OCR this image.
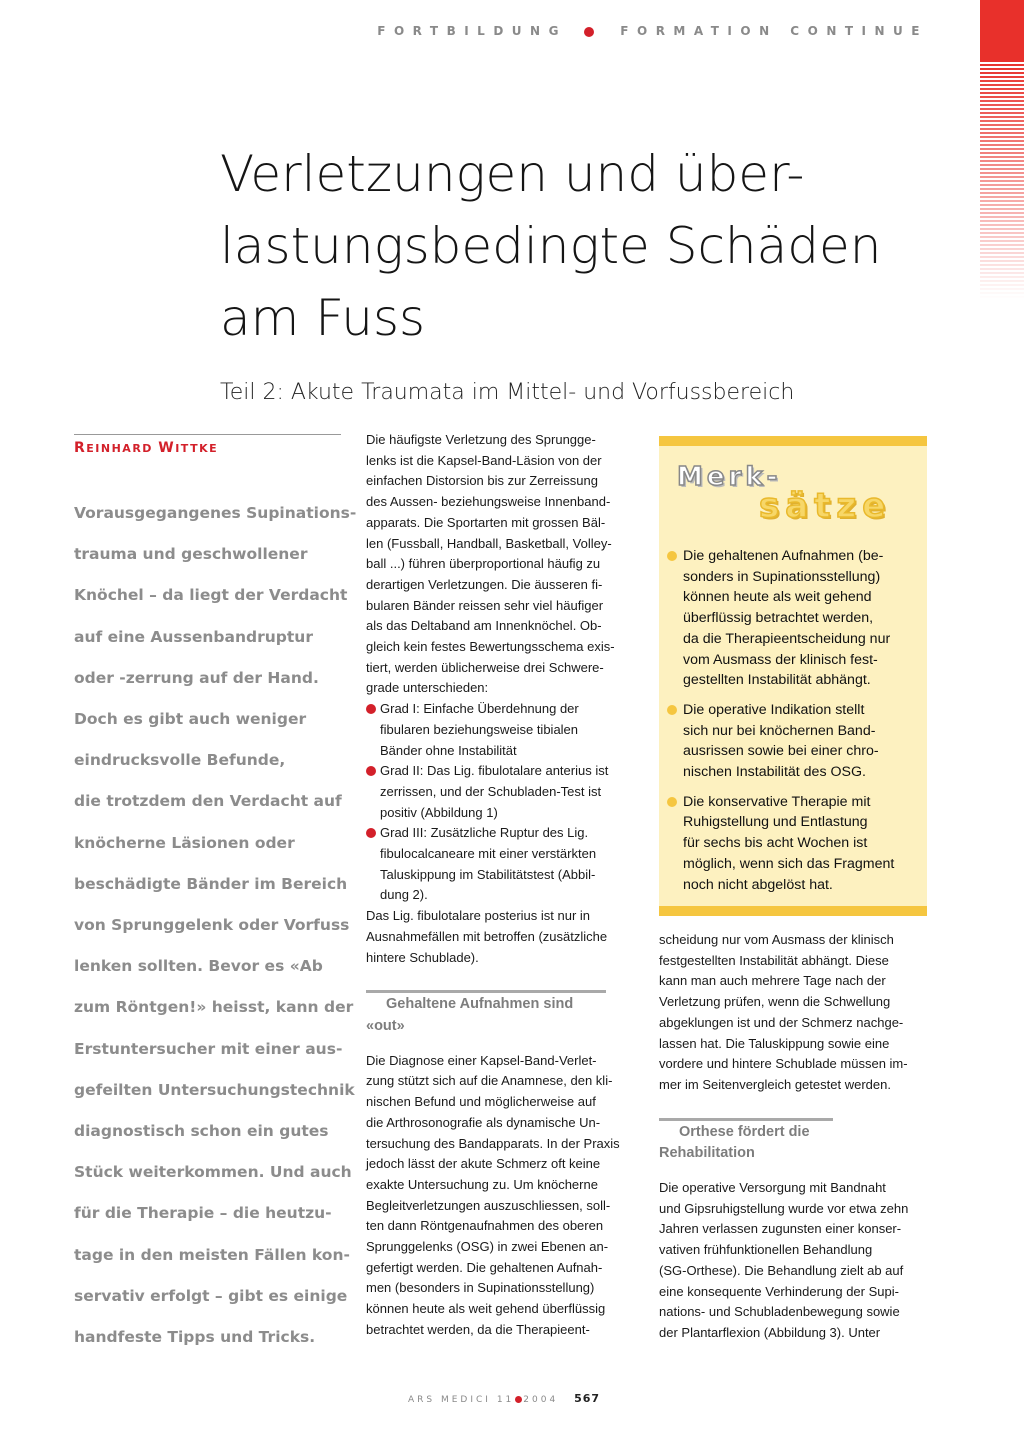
FORTBILDUNG	FORMATION CONTINUE
Verletzungen und über-
lastungsbedingte Schäden
am Fuss
Teil 2: Akute Traumata im Mittel- und Vorfussbereich
REINHARD WITTKE
Vorausgegangenes Supinations-
trauma und geschwollener
Knöchel – da liegt der Verdacht
auf eine Aussenbandruptur
oder -zerrung auf der Hand.
Doch es gibt auch weniger
eindrucksvolle Befunde,
die trotzdem den Verdacht auf
knöcherne Läsionen oder
beschädigte Bänder im Bereich
von Sprunggelenk oder Vorfuss
lenken sollten. Bevor es «Ab
zum Röntgen!» heisst, kann der
Erstuntersucher mit einer aus-
gefeilten Untersuchungstechnik
diagnostisch schon ein gutes
Stück weiterkommen. Und auch
für die Therapie – die heutzu-
tage in den meisten Fällen kon-
servativ erfolgt – gibt es einige
handfeste Tipps und Tricks.
Die häufigste Verletzung des Sprungge-
lenks ist die Kapsel-Band-Läsion von der
einfachen Distorsion bis zur Zerreissung
des Aussen- beziehungsweise Innenband-
apparats. Die Sportarten mit grossen Bäl-
len (Fussball, Handball, Basketball, Volley-
ball ...) führen überproportional häufig zu
derartigen Verletzungen. Die äusseren fi-
bularen Bänder reissen sehr viel häufiger
als das Deltaband am Innenknöchel. Ob-
gleich kein festes Bewertungsschema exis-
tiert, werden üblicherweise drei Schwere-
grade unterschieden:
Grad I: Einfache Überdehnung der
fibularen beziehungsweise tibialen
Bänder ohne Instabilität
Grad II: Das Lig. fibulotalare anterius ist
zerrissen, und der Schubladen-Test ist
positiv (Abbildung 1)
Grad III: Zusätzliche Ruptur des Lig.
fibulocalcaneare mit einer verstärkten
Taluskippung im Stabilitätstest (Abbil-
dung 2).
Das Lig. fibulotalare posterius ist nur in
Ausnahmefällen mit betroffen (zusätzliche
hintere Schublade).
Gehaltene Aufnahmen sind
«out»
Die Diagnose einer Kapsel-Band-Verlet-
zung stützt sich auf die Anamnese, den kli-
nischen Befund und möglicherweise auf
die Arthrosonografie als dynamische Un-
tersuchung des Bandapparats. In der Praxis
jedoch lässt der akute Schmerz oft keine
exakte Untersuchung zu. Um knöcherne
Begleitverletzungen auszuschliessen, soll-
ten dann Röntgenaufnahmen des oberen
Sprunggelenks (OSG) in zwei Ebenen an-
gefertigt werden. Die gehaltenen Aufnah-
men (besonders in Supinationsstellung)
können heute als weit gehend überflüssig
betrachtet werden, da die Therapieent-
Merk-
sätze
Die gehaltenen Aufnahmen (be-
sonders in Supinationsstellung)
können heute als weit gehend
überflüssig betrachtet werden,
da die Therapieentscheidung nur
vom Ausmass der klinisch fest-
gestellten Instabilität abhängt.
Die operative Indikation stellt
sich nur bei knöchernen Band-
ausrissen sowie bei einer chro-
nischen Instabilität des OSG.
Die konservative Therapie mit
Ruhigstellung und Entlastung
für sechs bis acht Wochen ist
möglich, wenn sich das Fragment
noch nicht abgelöst hat.
scheidung nur vom Ausmass der klinisch
festgestellten Instabilität abhängt. Diese
kann man auch mehrere Tage nach der
Verletzung prüfen, wenn die Schwellung
abgeklungen ist und der Schmerz nachge-
lassen hat. Die Taluskippung sowie eine
vordere und hintere Schublade müssen im-
mer im Seitenvergleich getestet werden.
Orthese fördert die
Rehabilitation
Die operative Versorgung mit Bandnaht
und Gipsruhigstellung wurde vor etwa zehn
Jahren verlassen zugunsten einer konser-
vativen frühfunktionellen Behandlung
(SG-Orthese). Die Behandlung zielt ab auf
eine konsequente Verhinderung der Supi-
nations- und Schubladenbewegung sowie
der Plantarflexion (Abbildung 3). Unter
ARS MEDICI 11 2004 567
